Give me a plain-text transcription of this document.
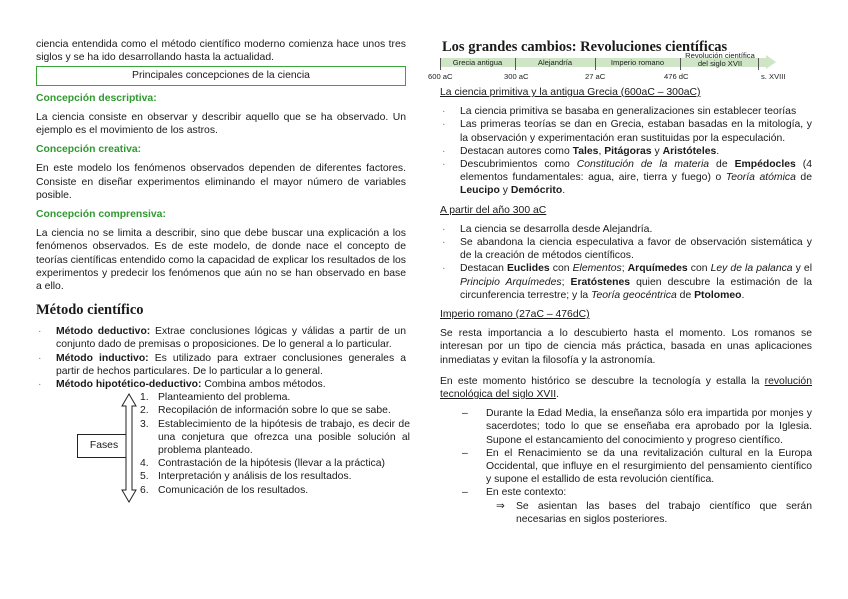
ciencia entendida como el método científico moderno comienza hace unos tres siglos y se ha ido desarrollando hasta la actualidad.

Principales concepciones de la ciencia
Concepción descriptiva:

La ciencia consiste en observar y describir aquello que se ha observado. Un ejemplo es el movimiento de los astros.

Concepción creativa:

En este modelo los fenómenos observados dependen de diferentes factores. Consiste en diseñar experimentos eliminando el mayor número de variables posible.

Concepción comprensiva:

La ciencia no se limita a describir, sino que debe buscar una explicación a los fenómenos observados. Es de este modelo, de donde nace el concepto de teorías científicas entendido como la capacidad de explicar los resultados de los experimentos y predecir los fenómenos que aún no se han observado en base a ello.

Método científico

· Método deductivo: Extrae conclusiones lógicas y válidas a partir de un conjunto dado de premisas o proposiciones. De lo general a lo particular.

· Método inductivo: Es utilizado para extraer conclusiones generales a partir de hechos particulares. De lo particular a lo general.

· Método hipotético-deductivo: Combina ambos métodos.

Fases
1. Planteamiento del problema.
2. Recopilación de información sobre lo que se sabe.
3. Establecimiento de la hipótesis de trabajo, es decir de una conjetura que ofrezca una posible solución al problema planteado.
4. Contrastación de la hipótesis (llevar a la práctica)
5. Interpretación y análisis de los resultados.
6. Comunicación de los resultados.
Los grandes cambios: Revoluciones científicas
Grecia antigua	Alejandría	Imperio romano
Revolución científica del siglo XVII
600 aC	300 aC	27 aC	476 dC	s. XVIII
La ciencia primitiva y la antigua Grecia (600aC – 300aC)

· La ciencia primitiva se basaba en generalizaciones sin establecer teorías

· Las primeras teorías se dan en Grecia, estaban basadas en la mitología, y la observación y experimentación eran sustituidas por la especulación.

· Destacan autores como Tales, Pitágoras y Aristóteles.

· Descubrimientos como Constitución de la materia de Empédocles (4 elementos fundamentales: agua, aire, tierra y fuego) o Teoría atómica de Leucipo y Demócrito.

A partir del año 300 aC

· La ciencia se desarrolla desde Alejandría.

· Se abandona la ciencia especulativa a favor de observación sistemática y de la creación de métodos científicos.

· Destacan Euclides con Elementos; Arquímedes con Ley de la palanca y el Principio Arquímedes; Eratóstenes quien descubre la estimación de la circunferencia terrestre; y la Teoría geocéntrica de Ptolomeo.

Imperio romano (27aC – 476dC)

Se resta importancia a lo descubierto hasta el momento. Los romanos se interesan por un tipo de ciencia más práctica, basada en unas aplicaciones inmediatas y evitan la filosofía y la astronomía.

En este momento histórico se descubre la tecnología y estalla la revolución tecnológica del siglo XVII.

– Durante la Edad Media, la enseñanza sólo era impartida por monjes y sacerdotes; todo lo que se enseñaba era aprobado por la Iglesia. Supone el estancamiento del conocimiento y progreso científico.

– En el Renacimiento se da una revitalización cultural en la Europa Occidental, que influye en el resurgimiento del pensamiento científico y supone el estallido de esta revolución científica.

– En este contexto:

⇒ Se asientan las bases del trabajo científico que serán necesarias en siglos posteriores.
